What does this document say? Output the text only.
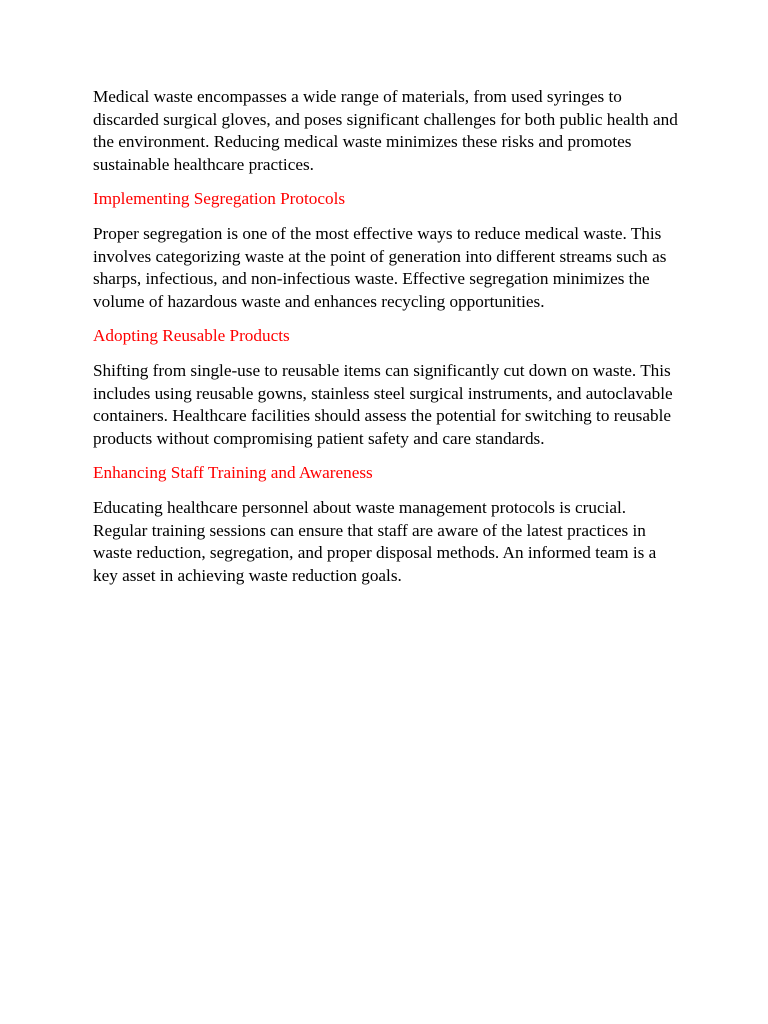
Medical waste encompasses a wide range of materials, from used syringes to discarded surgical gloves, and poses significant challenges for both public health and the environment. Reducing medical waste minimizes these risks and promotes sustainable healthcare practices.

Implementing Segregation Protocols

Proper segregation is one of the most effective ways to reduce medical waste. This involves categorizing waste at the point of generation into different streams such as sharps, infectious, and non-infectious waste. Effective segregation minimizes the volume of hazardous waste and enhances recycling opportunities.

Adopting Reusable Products

Shifting from single-use to reusable items can significantly cut down on waste. This includes using reusable gowns, stainless steel surgical instruments, and autoclavable containers. Healthcare facilities should assess the potential for switching to reusable products without compromising patient safety and care standards.

Enhancing Staff Training and Awareness

Educating healthcare personnel about waste management protocols is crucial. Regular training sessions can ensure that staff are aware of the latest practices in waste reduction, segregation, and proper disposal methods. An informed team is a key asset in achieving waste reduction goals.
